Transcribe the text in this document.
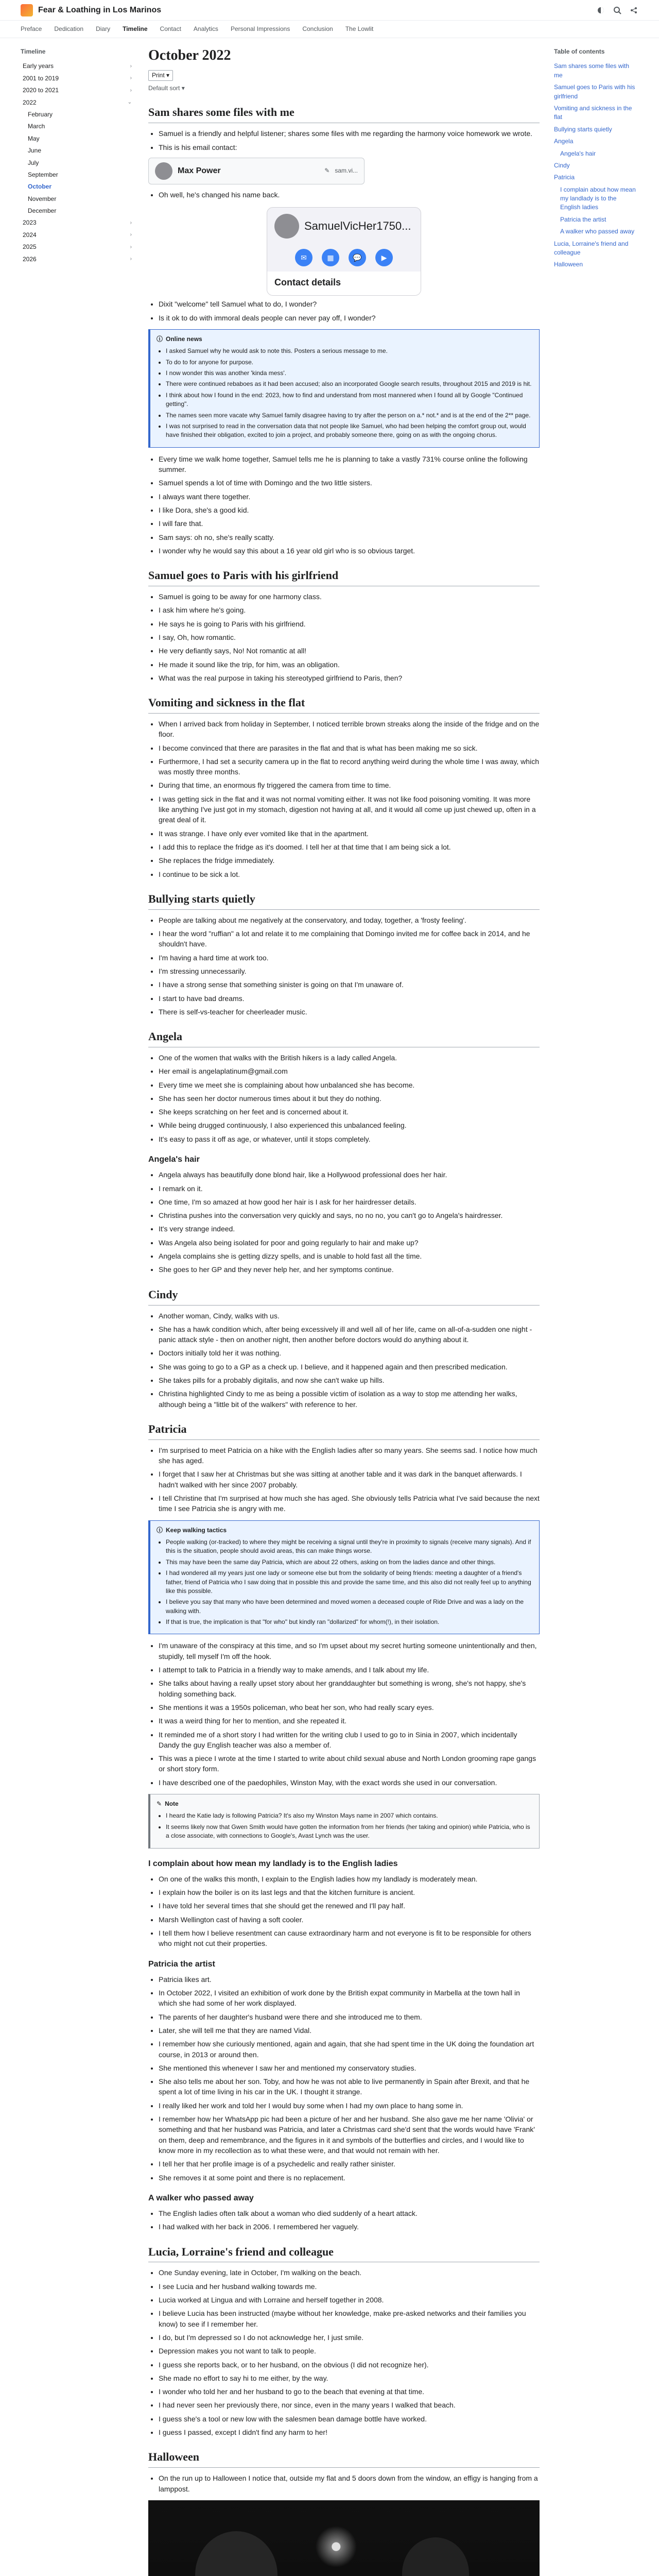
Fear & Loathing in Los Marinos
Preface Dedication Diary Timeline Contact Analytics Personal Impressions Conclusion The Lowlit
Timeline
Early years	›
2001 to 2019	›
2020 to 2021	›
2022	⌄
February
March
May
June
July
September
October
November
December
2023	›
2024	›
2025	›
2026	›
October 2022
Print ▾
Default sort ▾
Sam shares some files with me
• Samuel is a friendly and helpful listener; shares some files with me regarding the harmony voice homework we wrote.
• This is his email contact:
Max Power	✎ sam.vi...
• Oh well, he's changed his name back.
SamuelVicHer1750...
✉	▦	💬	▶
Contact details
• Dixit "welcome" tell Samuel what to do, I wonder?
• Is it ok to do with immoral deals people can never pay off, I wonder?
ⓘ Online news
• I asked Samuel why he would ask to note this. Posters a serious message to me.
• To do to for anyone for purpose.
• I now wonder this was another 'kinda mess'.
• There were continued rebaboes as it had been accused; also an incorporated Google search results, throughout 2015 and 2019 is hit.
• I think about how I found in the end: 2023, how to find and understand from most mannered when I found all by Google "Continued getting".
• The names seen more vacate why Samuel family disagree having to try after the person on a.* not.* and is at the end of the 2** page.
• I was not surprised to read in the conversation data that not people like Samuel, who had been helping the comfort group out, would have finished their obligation, excited to join a project, and probably someone there, going on as with the ongoing chorus.
• Every time we walk home together, Samuel tells me he is planning to take a vastly 731% course online the following summer.
• Samuel spends a lot of time with Domingo and the two little sisters.
• I always want there together.
• I like Dora, she's a good kid.
• I will fare that.
• Sam says: oh no, she's really scatty.
• I wonder why he would say this about a 16 year old girl who is so obvious target.
Samuel goes to Paris with his girlfriend
• Samuel is going to be away for one harmony class.
• I ask him where he's going.
• He says he is going to Paris with his girlfriend.
• I say, Oh, how romantic.
• He very defiantly says, No! Not romantic at all!
• He made it sound like the trip, for him, was an obligation.
• What was the real purpose in taking his stereotyped girlfriend to Paris, then?
Vomiting and sickness in the flat
• When I arrived back from holiday in September, I noticed terrible brown streaks along the inside of the fridge and on the floor.
• I become convinced that there are parasites in the flat and that is what has been making me so sick.
• Furthermore, I had set a security camera up in the flat to record anything weird during the whole time I was away, which was mostly three months.
• During that time, an enormous fly triggered the camera from time to time.
• I was getting sick in the flat and it was not normal vomiting either. It was not like food poisoning vomiting. It was more like anything I've just got in my stomach, digestion not having at all, and it would all come up just chewed up, often in a great deal of it.
• It was strange. I have only ever vomited like that in the apartment.
• I add this to replace the fridge as it's doomed. I tell her at that time that I am being sick a lot.
• She replaces the fridge immediately.
• I continue to be sick a lot.
Bullying starts quietly
• People are talking about me negatively at the conservatory, and today, together, a 'frosty feeling'.
• I hear the word "ruffian" a lot and relate it to me complaining that Domingo invited me for coffee back in 2014, and he shouldn't have.
• I'm having a hard time at work too.
• I'm stressing unnecessarily.
• I have a strong sense that something sinister is going on that I'm unaware of.
• I start to have bad dreams.
• There is self-vs-teacher for cheerleader music.
Angela
• One of the women that walks with the British hikers is a lady called Angela.
• Her email is angelaplatinum@gmail.com
• Every time we meet she is complaining about how unbalanced she has become.
• She has seen her doctor numerous times about it but they do nothing.
• She keeps scratching on her feet and is concerned about it.
• While being drugged continuously, I also experienced this unbalanced feeling.
• It's easy to pass it off as age, or whatever, until it stops completely.
Angela's hair
• Angela always has beautifully done blond hair, like a Hollywood professional does her hair.
• I remark on it.
• One time, I'm so amazed at how good her hair is I ask for her hairdresser details.
• Christina pushes into the conversation very quickly and says, no no no, you can't go to Angela's hairdresser.
• It's very strange indeed.
• Was Angela also being isolated for poor and going regularly to hair and make up?
• Angela complains she is getting dizzy spells, and is unable to hold fast all the time.
• She goes to her GP and they never help her, and her symptoms continue.
Cindy
• Another woman, Cindy, walks with us.
• She has a hawk condition which, after being excessively ill and well all of her life, came on all-of-a-sudden one night - panic attack style - then on another night, then another before doctors would do anything about it.
• Doctors initially told her it was nothing.
• She was going to go to a GP as a check up. I believe, and it happened again and then prescribed medication.
• She takes pills for a probably digitalis, and now she can't wake up hills.
• Christina highlighted Cindy to me as being a possible victim of isolation as a way to stop me attending her walks, although being a "little bit of the walkers" with reference to her.
Patricia
• I'm surprised to meet Patricia on a hike with the English ladies after so many years. She seems sad. I notice how much she has aged.
• I forget that I saw her at Christmas but she was sitting at another table and it was dark in the banquet afterwards. I hadn't walked with her since 2007 probably.
• I tell Christine that I'm surprised at how much she has aged. She obviously tells Patricia what I've said because the next time I see Patricia she is angry with me.
ⓘ Keep walking tactics
• People walking (or-tracked) to where they might be receiving a signal until they're in proximity to signals (receive many signals). And if this is the situation, people should avoid areas, this can make things worse.
• This may have been the same day Patricia, which are about 22 others, asking on from the ladies dance and other things.
• I had wondered all my years just one lady or someone else but from the solidarity of being friends: meeting a daughter of a friend's father, friend of Patricia who I saw doing that in possible this and provide the same time, and this also did not really feel up to anything like this possible.
• I believe you say that many who have been determined and moved women a deceased couple of Ride Drive and was a lady on the walking with.
• If that is true, the implication is that "for who" but kindly ran "dollarized" for whom(!), in their isolation.
• I'm unaware of the conspiracy at this time, and so I'm upset about my secret hurting someone unintentionally and then, stupidly, tell myself I'm off the hook.
• I attempt to talk to Patricia in a friendly way to make amends, and I talk about my life.
• She talks about having a really upset story about her granddaughter but something is wrong, she's not happy, she's holding something back.
• She mentions it was a 1950s policeman, who beat her son, who had really scary eyes.
• It was a weird thing for her to mention, and she repeated it.
• It reminded me of a short story I had written for the writing club I used to go to in Sinia in 2007, which incidentally Dandy the guy English teacher was also a member of.
• This was a piece I wrote at the time I started to write about child sexual abuse and North London grooming rape gangs or short story form.
• I have described one of the paedophiles, Winston May, with the exact words she used in our conversation.
✎ Note
• I heard the Katie lady is following Patricia? It's also my Winston Mays name in 2007 which contains.
• It seems likely now that Gwen Smith would have gotten the information from her friends (her taking and opinion) while Patricia, who is a close associate, with connections to Google's, Avast Lynch was the user.
I complain about how mean my landlady is to the English ladies
• On one of the walks this month, I explain to the English ladies how my landlady is moderately mean.
• I explain how the boiler is on its last legs and that the kitchen furniture is ancient.
• I have told her several times that she should get the renewed and I'll pay half.
• Marsh Wellington cast of having a soft cooler.
• I tell them how I believe resentment can cause extraordinary harm and not everyone is fit to be responsible for others who might not cut their properties.
Patricia the artist
• Patricia likes art.
• In October 2022, I visited an exhibition of work done by the British expat community in Marbella at the town hall in which she had some of her work displayed.
• The parents of her daughter's husband were there and she introduced me to them.
• Later, she will tell me that they are named Vidal.
• I remember how she curiously mentioned, again and again, that she had spent time in the UK doing the foundation art course, in 2013 or around then.
• She mentioned this whenever I saw her and mentioned my conservatory studies.
• She also tells me about her son. Toby, and how he was not able to live permanently in Spain after Brexit, and that he spent a lot of time living in his car in the UK. I thought it strange.
• I really liked her work and told her I would buy some when I had my own place to hang some in.
• I remember how her WhatsApp pic had been a picture of her and her husband. She also gave me her name 'Olivia' or something and that her husband was Patricia, and later a Christmas card she'd sent that the words would have 'Frank' on them, deep and remembrance, and the figures in it and symbols of the butterflies and circles, and I would like to know more in my recollection as to what these were, and that would not remain with her.
• I tell her that her profile image is of a psychedelic and really rather sinister.
• She removes it at some point and there is no replacement.
A walker who passed away
• The English ladies often talk about a woman who died suddenly of a heart attack.
• I had walked with her back in 2006. I remembered her vaguely.
Lucia, Lorraine's friend and colleague
• One Sunday evening, late in October, I'm walking on the beach.
• I see Lucia and her husband walking towards me.
• Lucia worked at Lingua and with Lorraine and herself together in 2008.
• I believe Lucia has been instructed (maybe without her knowledge, make pre-asked networks and their families you know) to see if I remember her.
• I do, but I'm depressed so I do not acknowledge her, I just smile.
• Depression makes you not want to talk to people.
• I guess she reports back, or to her husband, on the obvious (I did not recognize her).
• She made no effort to say hi to me either, by the way.
• I wonder who told her and her husband to go to the beach that evening at that time.
• I had never seen her previously there, nor since, even in the many years I walked that beach.
• I guess she's a tool or new low with the salesmen bean damage bottle have worked.
• I guess I passed, except I didn't find any harm to her!
Halloween
• On the run up to Halloween I notice that, outside my flat and 5 doors down from the window, an effigy is hanging from a lamppost.
Table of contents
Sam shares some files with me
Samuel goes to Paris with his girlfriend
Vomiting and sickness in the flat
Bullying starts quietly
Angela
Angela's hair
Cindy
Patricia
I complain about how mean my landlady is to the English ladies
Patricia the artist
A walker who passed away
Lucia, Lorraine's friend and colleague
Halloween
